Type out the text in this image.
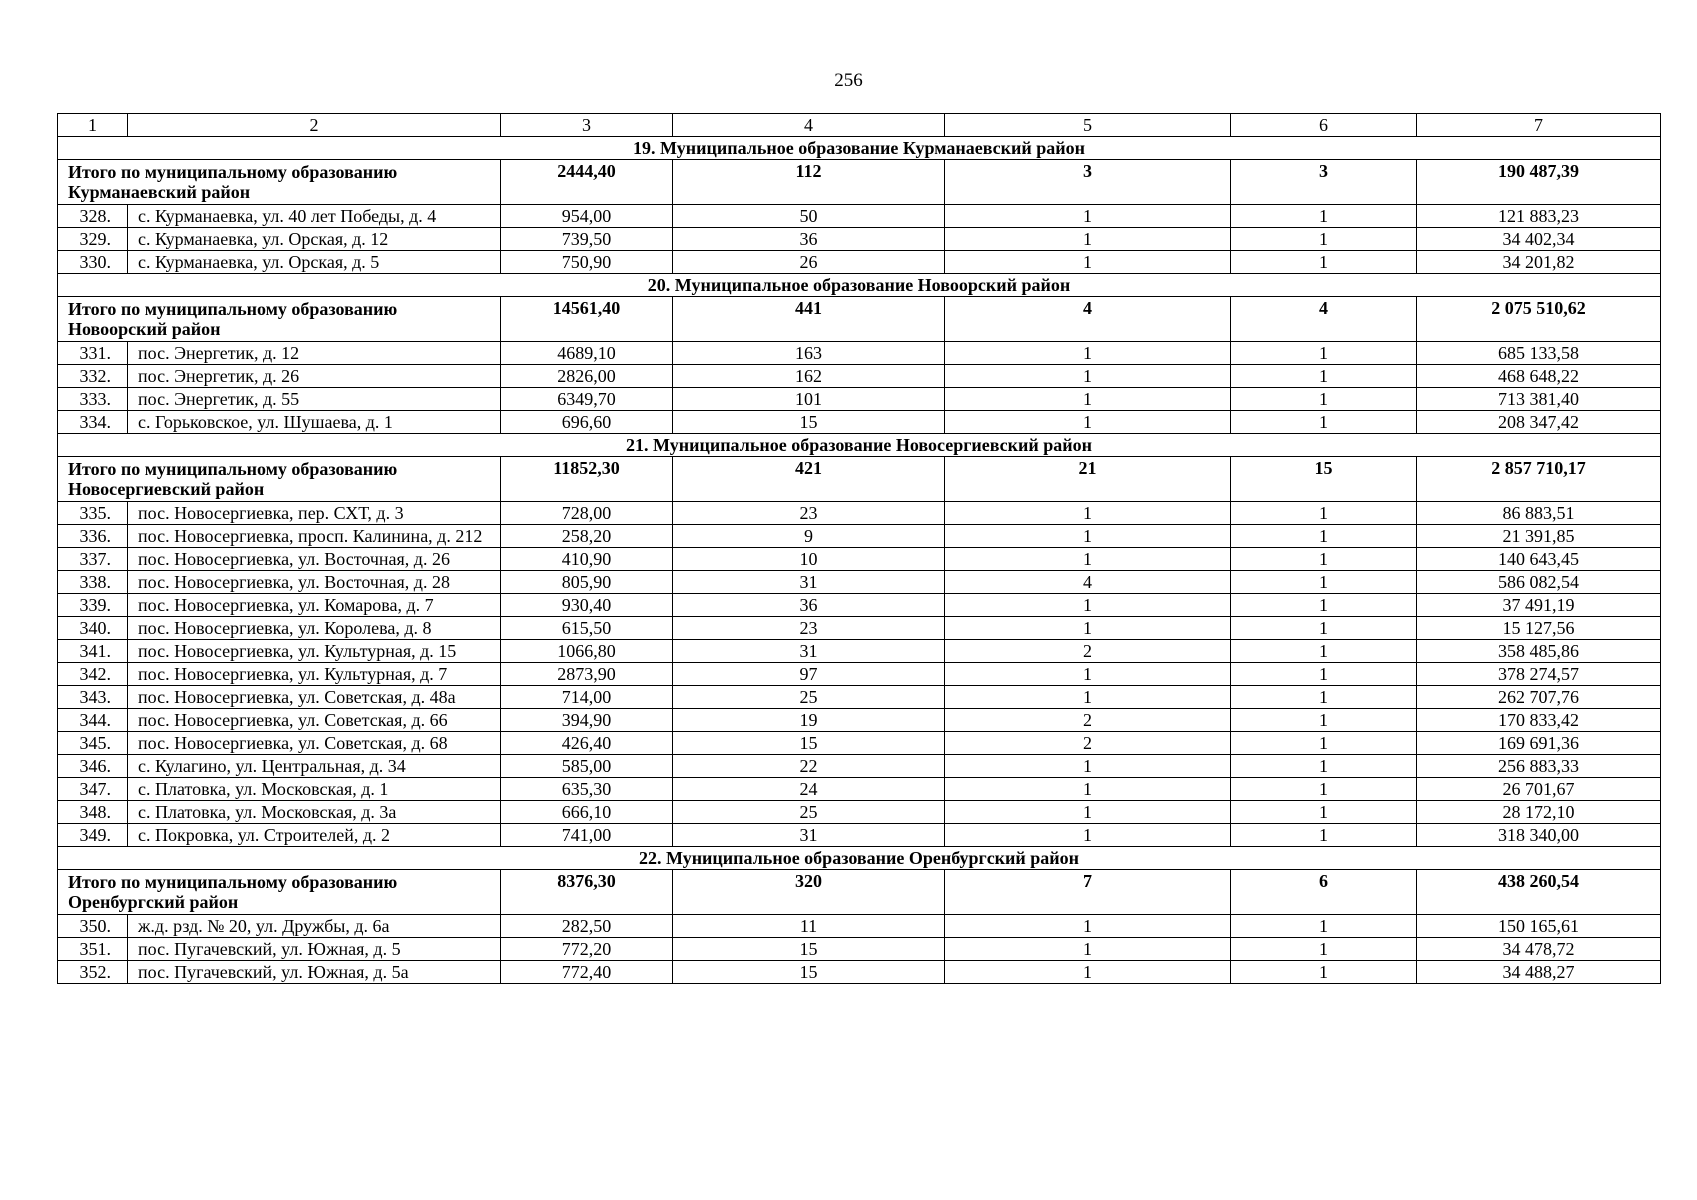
256
1	2	3	4	5	6	7
19. Муниципальное образование Курманаевский район						
Итого по муниципальному образованию Курманаевский район		2444,40	112	3	3	190 487,39
328.	с. Курманаевка, ул. 40 лет Победы, д. 4	954,00	50	1	1	121 883,23
329.	с. Курманаевка, ул. Орская, д. 12	739,50	36	1	1	34 402,34
330.	с. Курманаевка, ул. Орская, д. 5	750,90	26	1	1	34 201,82
20. Муниципальное образование Новоорский район						
Итого по муниципальному образованию Новоорский район		14561,40	441	4	4	2 075 510,62
331.	пос. Энергетик, д. 12	4689,10	163	1	1	685 133,58
332.	пос. Энергетик, д. 26	2826,00	162	1	1	468 648,22
333.	пос. Энергетик, д. 55	6349,70	101	1	1	713 381,40
334.	с. Горьковское, ул. Шушаева, д. 1	696,60	15	1	1	208 347,42
21. Муниципальное образование Новосергиевский район						
Итого по муниципальному образованию Новосергиевский район		11852,30	421	21	15	2 857 710,17
335.	пос. Новосергиевка, пер. СХТ, д. 3	728,00	23	1	1	86 883,51
336.	пос. Новосергиевка, просп. Калинина, д. 212	258,20	9	1	1	21 391,85
337.	пос. Новосергиевка, ул. Восточная, д. 26	410,90	10	1	1	140 643,45
338.	пос. Новосергиевка, ул. Восточная, д. 28	805,90	31	4	1	586 082,54
339.	пос. Новосергиевка, ул. Комарова, д. 7	930,40	36	1	1	37 491,19
340.	пос. Новосергиевка, ул. Королева, д. 8	615,50	23	1	1	15 127,56
341.	пос. Новосергиевка, ул. Культурная, д. 15	1066,80	31	2	1	358 485,86
342.	пос. Новосергиевка, ул. Культурная, д. 7	2873,90	97	1	1	378 274,57
343.	пос. Новосергиевка, ул. Советская, д. 48а	714,00	25	1	1	262 707,76
344.	пос. Новосергиевка, ул. Советская, д. 66	394,90	19	2	1	170 833,42
345.	пос. Новосергиевка, ул. Советская, д. 68	426,40	15	2	1	169 691,36
346.	с. Кулагино, ул. Центральная, д. 34	585,00	22	1	1	256 883,33
347.	с. Платовка, ул. Московская, д. 1	635,30	24	1	1	26 701,67
348.	с. Платовка, ул. Московская, д. 3а	666,10	25	1	1	28 172,10
349.	с. Покровка, ул. Строителей, д. 2	741,00	31	1	1	318 340,00
22. Муниципальное образование Оренбургский район						
Итого по муниципальному образованию Оренбургский район		8376,30	320	7	6	438 260,54
350.	ж.д. рзд. № 20, ул. Дружбы, д. 6а	282,50	11	1	1	150 165,61
351.	пос. Пугачевский, ул. Южная, д. 5	772,20	15	1	1	34 478,72
352.	пос. Пугачевский, ул. Южная, д. 5а	772,40	15	1	1	34 488,27
